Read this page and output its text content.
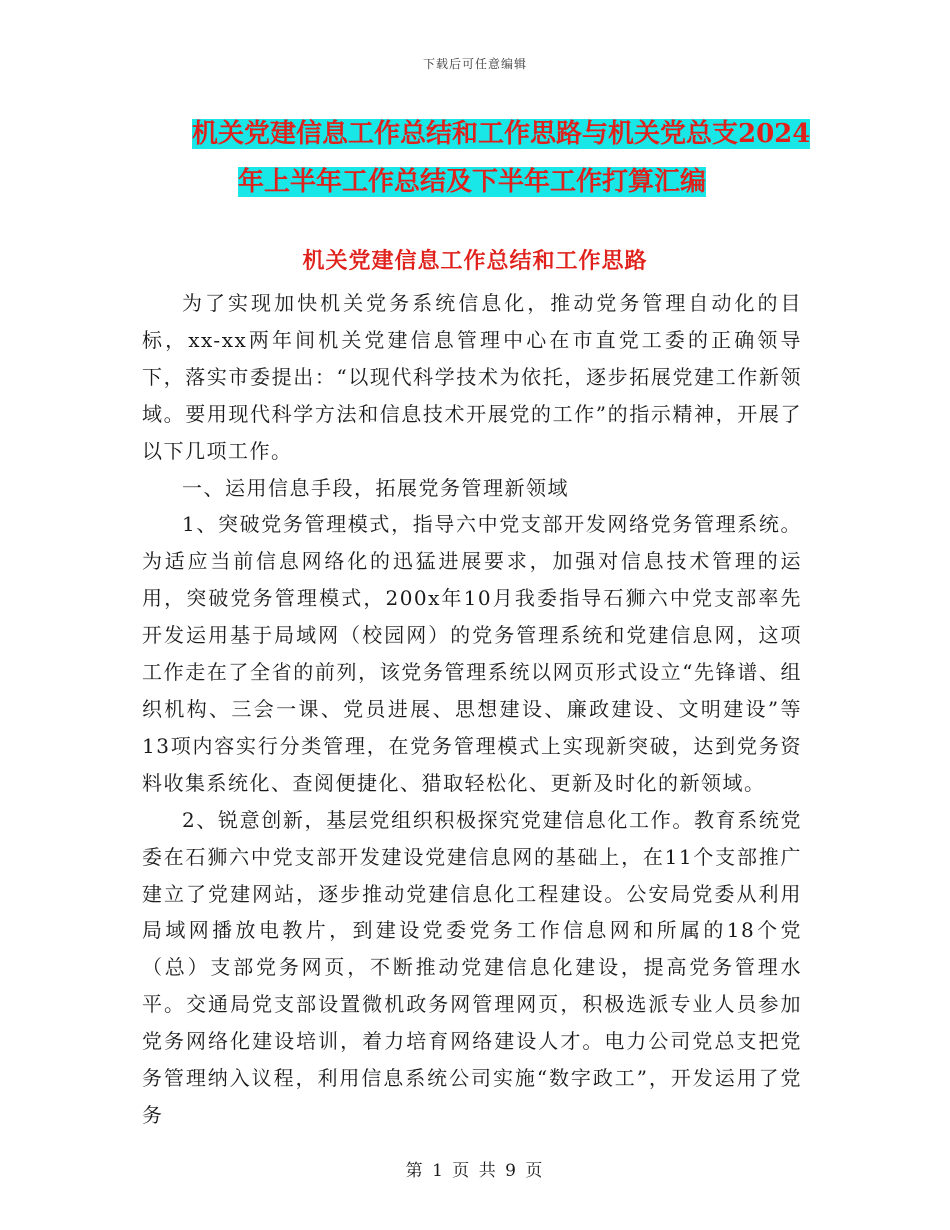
下载后可任意编辑
机关党建信息工作总结和工作思路与机关党总支2024
年上半年工作总结及下半年工作打算汇编
机关党建信息工作总结和工作思路

为了实现加快机关党务系统信息化，推动党务管理自动化的目标，xx-xx两年间机关党建信息管理中心在市直党工委的正确领导下，落实市委提出：“以现代科学技术为依托，逐步拓展党建工作新领域。要用现代科学方法和信息技术开展党的工作”的指示精神，开展了以下几项工作。

一、运用信息手段，拓展党务管理新领域

1、突破党务管理模式，指导六中党支部开发网络党务管理系统。为适应当前信息网络化的迅猛进展要求，加强对信息技术管理的运用，突破党务管理模式，200x年10月我委指导石狮六中党支部率先开发运用基于局域网（校园网）的党务管理系统和党建信息网，这项工作走在了全省的前列，该党务管理系统以网页形式设立“先锋谱、组织机构、三会一课、党员进展、思想建设、廉政建设、文明建设”等13项内容实行分类管理，在党务管理模式上实现新突破，达到党务资料收集系统化、查阅便捷化、猎取轻松化、更新及时化的新领域。

2、锐意创新，基层党组织积极探究党建信息化工作。教育系统党委在石狮六中党支部开发建设党建信息网的基础上，在11个支部推广建立了党建网站，逐步推动党建信息化工程建设。公安局党委从利用局域网播放电教片，到建设党委党务工作信息网和所属的18个党（总）支部党务网页，不断推动党建信息化建设，提高党务管理水平。交通局党支部设置微机政务网管理网页，积极选派专业人员参加党务网络化建设培训，着力培育网络建设人才。电力公司党总支把党务管理纳入议程，利用信息系统公司实施“数字政工”，开发运用了党务

第 1 页 共 9 页
